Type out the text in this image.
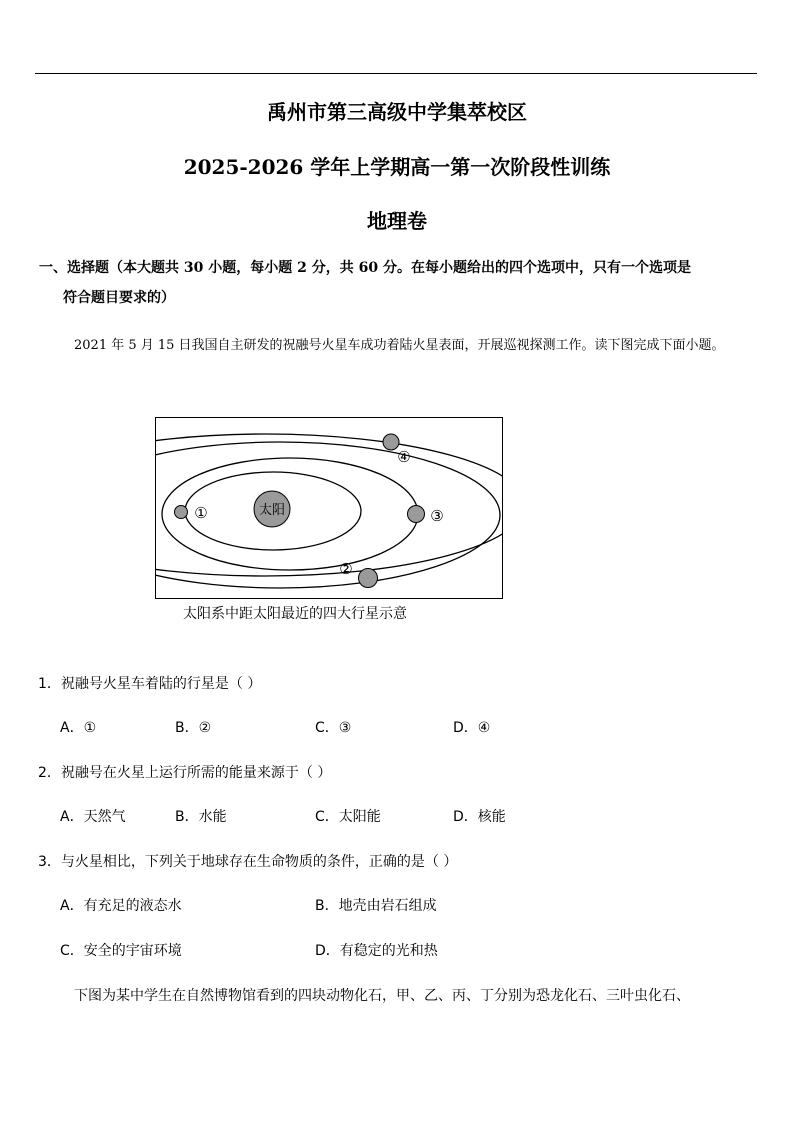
禹州市第三高级中学集萃校区
2025-2026 学年上学期高一第一次阶段性训练
地理卷
一、选择题（本大题共 30 小题，每小题 2 分，共 60 分。在每小题给出的四个选项中，只有一个选项是
符合题目要求的）
2021 年 5 月 15 日我国自主研发的祝融号火星车成功着陆火星表面，开展巡视探测工作。读下图完成下面小题。
太阳
①	③
④
②
太阳系中距太阳最近的四大行星示意
1．祝融号火星车着陆的行星是（ ）
A．①	B．②	C．③	D．④
2．祝融号在火星上运行所需的能量来源于（ ）
A．天然气	B．水能	C．太阳能	D．核能
3．与火星相比，下列关于地球存在生命物质的条件，正确的是（ ）
A．有充足的液态水	B．地壳由岩石组成
C．安全的宇宙环境	D．有稳定的光和热
下图为某中学生在自然博物馆看到的四块动物化石，甲、乙、丙、丁分别为恐龙化石、三叶虫化石、
